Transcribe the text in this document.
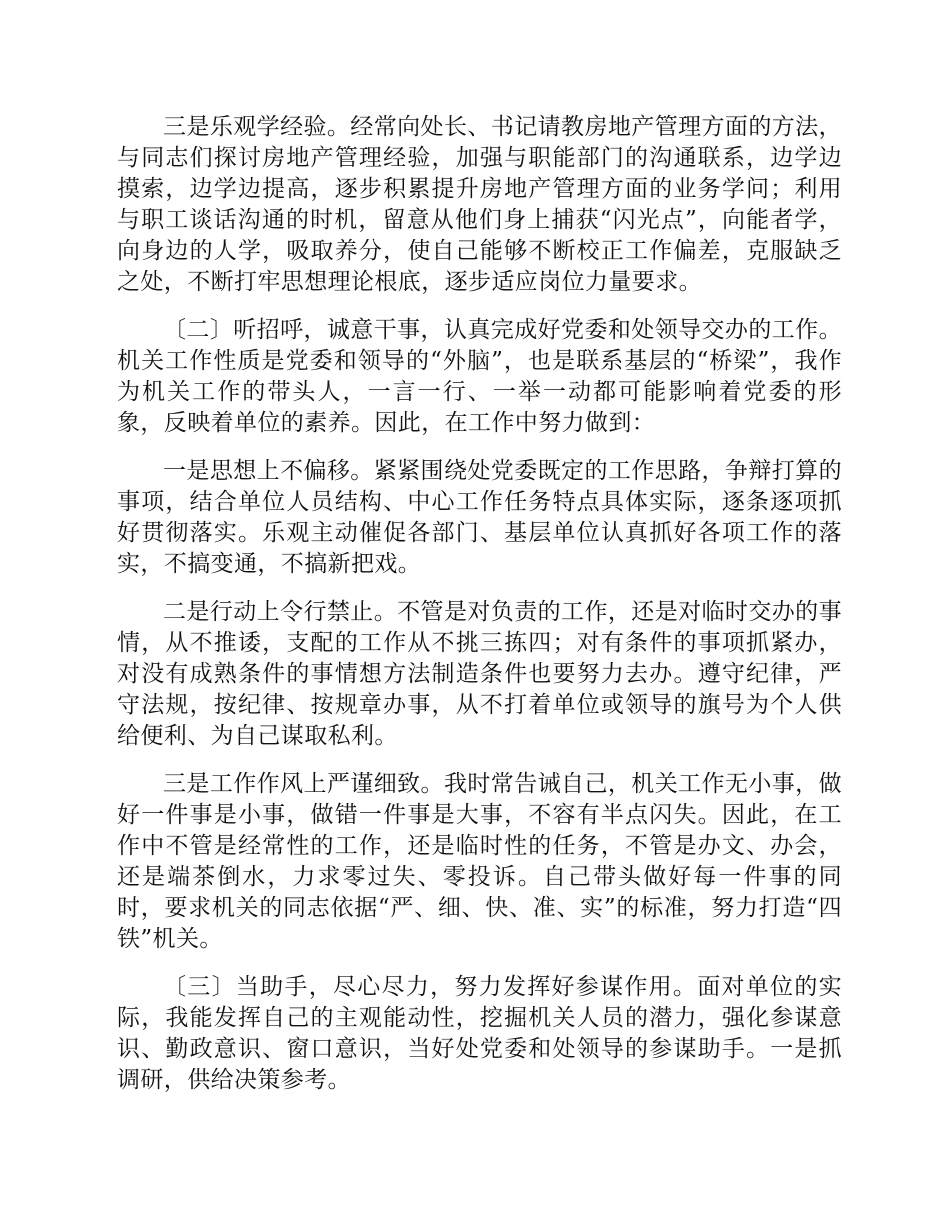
三是乐观学经验。经常向处长、书记请教房地产管理方面的方法，与同志们探讨房地产管理经验，加强与职能部门的沟通联系，边学边摸索，边学边提高，逐步积累提升房地产管理方面的业务学问；利用与职工谈话沟通的时机，留意从他们身上捕获“闪光点”，向能者学，向身边的人学，吸取养分，使自己能够不断校正工作偏差，克服缺乏之处，不断打牢思想理论根底，逐步适应岗位力量要求。

〔二〕听招呼，诚意干事，认真完成好党委和处领导交办的工作。机关工作性质是党委和领导的“外脑”，也是联系基层的“桥梁”，我作为机关工作的带头人，一言一行、一举一动都可能影响着党委的形象，反映着单位的素养。因此，在工作中努力做到：

一是思想上不偏移。紧紧围绕处党委既定的工作思路，争辩打算的事项，结合单位人员结构、中心工作任务特点具体实际，逐条逐项抓好贯彻落实。乐观主动催促各部门、基层单位认真抓好各项工作的落实，不搞变通，不搞新把戏。

二是行动上令行禁止。不管是对负责的工作，还是对临时交办的事情，从不推诿，支配的工作从不挑三拣四；对有条件的事项抓紧办，对没有成熟条件的事情想方法制造条件也要努力去办。遵守纪律，严守法规，按纪律、按规章办事，从不打着单位或领导的旗号为个人供给便利、为自己谋取私利。

三是工作作风上严谨细致。我时常告诫自己，机关工作无小事，做好一件事是小事，做错一件事是大事，不容有半点闪失。因此，在工作中不管是经常性的工作，还是临时性的任务，不管是办文、办会，还是端茶倒水，力求零过失、零投诉。自己带头做好每一件事的同时，要求机关的同志依据“严、细、快、准、实”的标准，努力打造“四铁”机关。

〔三〕当助手，尽心尽力，努力发挥好参谋作用。面对单位的实际，我能发挥自己的主观能动性，挖掘机关人员的潜力，强化参谋意识、勤政意识、窗口意识，当好处党委和处领导的参谋助手。一是抓调研，供给决策参考。
